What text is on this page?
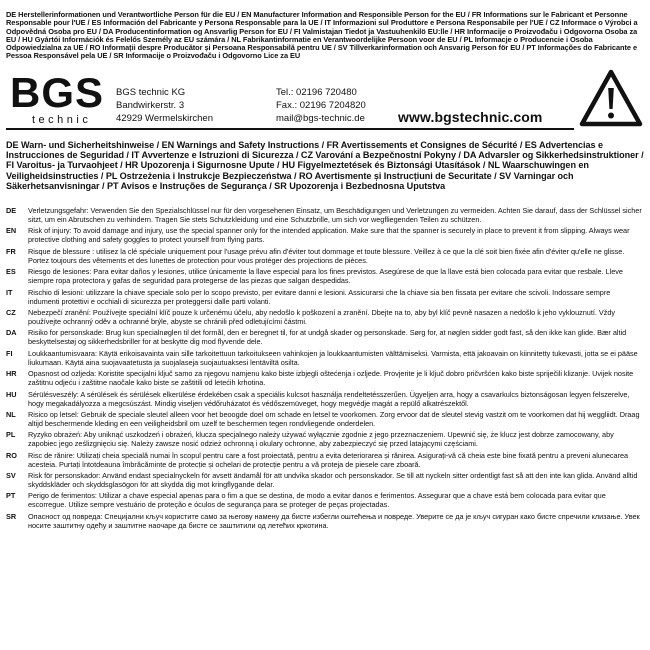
DE Herstellerinformationen und Verantwortliche Person für die EU / EN Manufacturer Information and Responsible Person for the EU / FR Informations sur le Fabricant et Personne Responsable pour l'UE / ES Información del Fabricante y Persona Responsable para la UE / IT Informazioni sul Produttore e Persona Responsabile per l'UE / CZ Informace o Výrobci a Odpovědná Osoba pro EU / DA Producentinformation og Ansvarlig Person for EU / FI Valmistajan Tiedot ja Vastuuhenkilö EU:lle / HR Informacije o Proizvođaču i Odgovorna Osoba za EU / HU Gyártói Információk és Felelős Személy az EU számára / NL Fabrikantinformatie en Verantwoordelijke Persoon voor de EU / PL Informacje o Producencie i Osoba Odpowiedzialna za UE / RO Informații despre Producător și Persoana Responsabilă pentru UE / SV Tillverkarinformation och Ansvarig Person för EU / PT Informações do Fabricante e Pessoa Responsável pela UE / SR Informacije o Proizvođaču i Odgovorno Lice za EU
BGS
technic
BGS technic KG
Bandwirkerstr. 3
42929 Wermelskirchen
Tel.: 02196 720480
Fax.: 02196 7204820
mail@bgs-technic.de www.bgstechnic.com
DE Warn- und Sicherheitshinweise / EN Warnings and Safety Instructions / FR Avertissements et Consignes de Sécurité / ES Advertencias e Instrucciones de Seguridad / IT Avvertenze e Istruzioni di Sicurezza / CZ Varování a Bezpečnostní Pokyny / DA Advarsler og Sikkerhedsinstruktioner / FI Varoitus- ja Turvaohjeet / HR Upozorenja i Sigurnosne Upute / HU Figyelmeztetések és Biztonsági Utasítások / NL Waarschuwingen en Veiligheidsinstructies / PL Ostrzeżenia i Instrukcje Bezpieczeństwa / RO Avertismente și Instrucțiuni de Securitate / SV Varningar och Säkerhetsanvisningar / PT Avisos e Instruções de Segurança / SR Upozorenja i Bezbednosna Uputstva
DE	Verletzungsgefahr: Verwenden Sie den Spezialschlüssel nur für den vorgesehenen Einsatz, um Beschädigungen und Verletzungen zu vermeiden. Achten Sie darauf, dass der Schlüssel sicher sitzt, um ein Abrutschen zu verhindern. Tragen Sie stets Schutzkleidung und eine Schutzbrille, um sich vor wegfliegenden Teilen zu schützen.
EN	Risk of injury: To avoid damage and injury, use the special spanner only for the intended application. Make sure that the spanner is securely in place to prevent it from slipping. Always wear protective clothing and safety goggles to protect yourself from flying parts.
FR	Risque de blessure : utilisez la clé spéciale uniquement pour l'usage prévu afin d'éviter tout dommage et toute blessure. Veillez à ce que la clé soit bien fixée afin d'éviter qu'elle ne glisse. Portez toujours des vêtements et des lunettes de protection pour vous protéger des projections de pièces.
ES	Riesgo de lesiones: Para evitar daños y lesiones, utilice únicamente la llave especial para los fines previstos. Asegúrese de que la llave está bien colocada para evitar que resbale. Lleve siempre ropa protectora y gafas de seguridad para protegerse de las piezas que salgan despedidas.
IT	Rischio di lesioni: utilizzare la chiave speciale solo per lo scopo previsto, per evitare danni e lesioni. Assicurarsi che la chiave sia ben fissata per evitare che scivoli. Indossare sempre indumenti protettivi e occhiali di sicurezza per proteggersi dalle parti volanti.
CZ	Nebezpečí zranění: Používejte speciální klíč pouze k určenému účelu, aby nedošlo k poškození a zranění. Dbejte na to, aby byl klíč pevně nasazen a nedošlo k jeho vyklouznutí. Vždy používejte ochranný oděv a ochranné brýle, abyste se chránili před odletujícími částmi.
DA	Risiko for personskade: Brug kun specialnøglen til det formål, den er beregnet til, for at undgå skader og personskade. Sørg for, at nøglen sidder godt fast, så den ikke kan glide. Bær altid beskyttelsestøj og sikkerhedsbriller for at beskytte dig mod flyvende dele.
FI	Loukkaantumisvaara: Käytä erikoisavainta vain sille tarkoitettuun tarkoitukseen vahinkojen ja loukkaantumisten välttämiseksi. Varmista, että jakoavain on kiinnitetty tukevasti, jotta se ei pääse liukumaan. Käytä aina suojavaatetusta ja suojalaseja suojautuaksesi lentäviltä osilta.
HR	Opasnost od ozljeda: Koristite specijalni ključ samo za njegovu namjenu kako biste izbjegli oštećenja i ozljede. Provjerite je li ključ dobro pričvršćen kako biste spriječili klizanje. Uvijek nosite zaštitnu odjeću i zaštitne naočale kako biste se zaštitili od letećih krhotina.
HU	Sérülésveszély: A sérülések és sérülések elkerülése érdekében csak a speciális kulcsot használja rendeltetésszerűen. Ügyeljen arra, hogy a csavarkulcs biztonságosan legyen felszerelve, hogy megakadályozza a megcsúszást. Mindig viseljen védőruházatot és védőszemüveget, hogy megvédje magát a repülő alkatrészektől.
NL	Risico op letsel: Gebruik de speciale sleutel alleen voor het beoogde doel om schade en letsel te voorkomen. Zorg ervoor dat de sleutel stevig vastzit om te voorkomen dat hij weggliidt. Draag altijd beschermende kleding en een veiligheidsbril om uzelf te beschermen tegen rondvliegende onderdelen.
PL	Ryzyko obrażeń: Aby uniknąć uszkodzeń i obrażeń, klucza specjalnego należy używać wyłącznie zgodnie z jego przeznaczeniem. Upewnić się, że klucz jest dobrze zamocowany, aby zapobiec jego ześlizgnięciu się. Należy zawsze nosić odzież ochronną i okulary ochronne, aby zabezpieczyć się przed latającymi częściami.
RO	Risc de rănire: Utilizați cheia specială numai în scopul pentru care a fost proiectată, pentru a evita deteriorarea și rănirea. Asigurați-vă că cheia este bine fixată pentru a preveni alunecarea acesteia. Purtați întotdeauna îmbrăcăminte de protecție și ochelari de protecție pentru a vă proteja de piesele care zboară.
SV	Risk för personskador: Använd endast specialnyckeln för avsett ändamål för att undvika skador och personskador. Se till att nyckeln sitter ordentligt fast så att den inte kan glida. Använd alltid skyddskläder och skyddsglasögon för att skydda dig mot kringflygande delar.
PT	Perigo de ferimentos: Utilizar a chave especial apenas para o fim a que se destina, de modo a evitar danos e ferimentos. Assegurar que a chave está bem colocada para evitar que escorregue. Utilize sempre vestuário de proteção e óculos de segurança para se proteger de peças projectadas.
SR	Опасност од повреда: Специјални кључ користите само за његову намену да бисте избегли оштећења и повреде. Уверите се да је кључ сигуран како бисте спречили клизање. Увек носите заштитну одећу и заштитне наочаре да бисте се заштитили од летећих кркотина.
